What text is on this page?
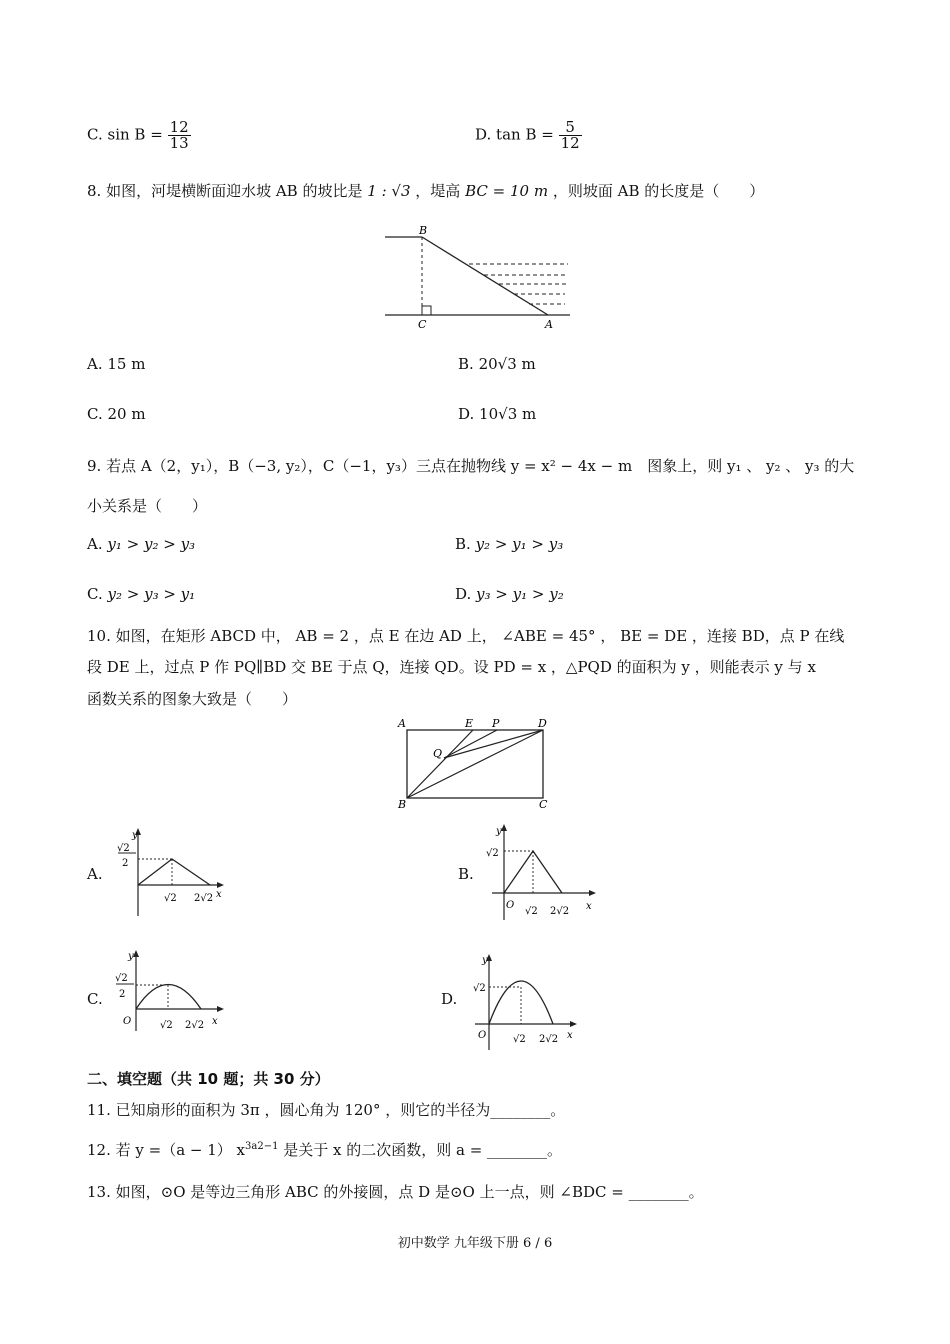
C. $\sin B = \frac{12}{13}$	D. $\tan B = \frac{5}{12}$
8. 如图，河堤横断面迎水坡 AB 的坡比是 1 : √3 ，堤高 BC = 10 m ，则坡面 AB 的长度是（　　）
B
C	A
A. 15 m	B. 20√3 m
C. 20 m	D. 10√3 m
9. 若点 A（2，y₁），B（−3, y₂），C（−1，y₃）三点在抛物线 y = x² − 4x − m　图象上，则 y₁ 、 y₂ 、 y₃ 的大
小关系是（　　）
A. y₁ > y₂ > y₃	B. y₂ > y₁ > y₃
C. y₂ > y₃ > y₁	D. y₃ > y₁ > y₂
10. 如图，在矩形 ABCD 中， AB = 2 ，点 E 在边 AD 上， ∠ABE = 45° ， BE = DE ，连接 BD，点 P 在线
段 DE 上，过点 P 作 PQ∥BD 交 BE 于点 Q，连接 QD。设 PD = x ，△PQD 的面积为 y ，则能表示 y 与 x
函数关系的图象大致是（　　）
A	E P	D
Q
B	C
A.
y
√2
2
√2 2√2 x
B.
y
√2
O
√2 2√2 x
C.
y
√2
2
O	√2 2√2 x
D.
y
√2
O	√2 2√2 x
二、填空题（共 10 题；共 30 分）
11. 已知扇形的面积为 3π ，圆心角为 120° ，则它的半径为________。
12. 若 y =（a − 1） $x^{3a2-1}$ 是关于 x 的二次函数，则 a = ________。
13. 如图，⊙O 是等边三角形 ABC 的外接圆，点 D 是⊙O 上一点，则 ∠BDC = ________。
初中数学 九年级下册 6 / 6
